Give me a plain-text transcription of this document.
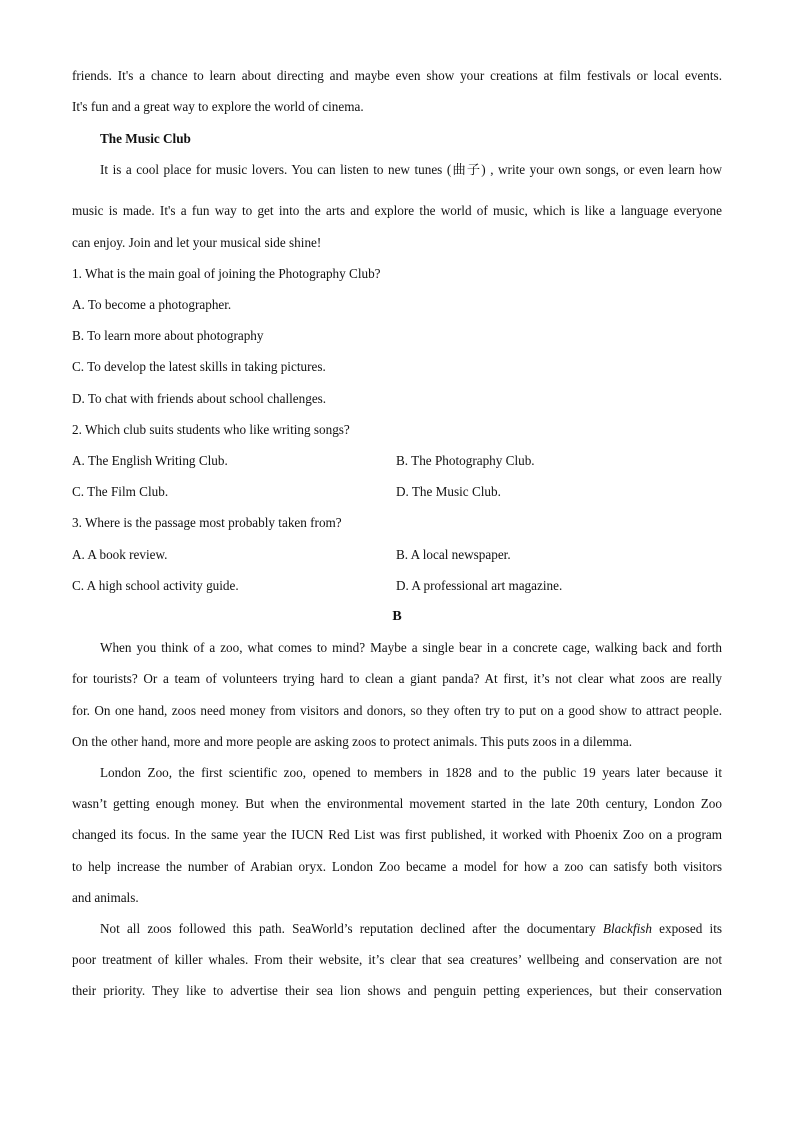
friends. It's a chance to learn about directing and maybe even show your creations at film festivals or local events.
It's fun and a great way to explore the world of cinema.
The Music Club
It is a cool place for music lovers. You can listen to new tunes (曲子) , write your own songs, or even learn how
music is made. It's a fun way to get into the arts and explore the world of music, which is like a language everyone
can enjoy. Join and let your musical side shine!
1. What is the main goal of joining the Photography Club?
A. To become a photographer.
B. To learn more about photography
C. To develop the latest skills in taking pictures.
D. To chat with friends about school challenges.
2. Which club suits students who like writing songs?
A. The English Writing Club.	B. The Photography Club.
C. The Film Club.	D. The Music Club.
3. Where is the passage most probably taken from?
A. A book review.	B. A local newspaper.
C. A high school activity guide.	D. A professional art magazine.
B
When you think of a zoo, what comes to mind? Maybe a single bear in a concrete cage, walking back and forth
for tourists? Or a team of volunteers trying hard to clean a giant panda? At first, it’s not clear what zoos are really
for. On one hand, zoos need money from visitors and donors, so they often try to put on a good show to attract people.
On the other hand, more and more people are asking zoos to protect animals. This puts zoos in a dilemma.
London Zoo, the first scientific zoo, opened to members in 1828 and to the public 19 years later because it
wasn’t getting enough money. But when the environmental movement started in the late 20th century, London Zoo
changed its focus. In the same year the IUCN Red List was first published, it worked with Phoenix Zoo on a program
to help increase the number of Arabian oryx. London Zoo became a model for how a zoo can satisfy both visitors
and animals.
Not all zoos followed this path. SeaWorld’s reputation declined after the documentary Blackfish exposed its
poor treatment of killer whales. From their website, it’s clear that sea creatures’ wellbeing and conservation are not
their priority. They like to advertise their sea lion shows and penguin petting experiences, but their conservation
